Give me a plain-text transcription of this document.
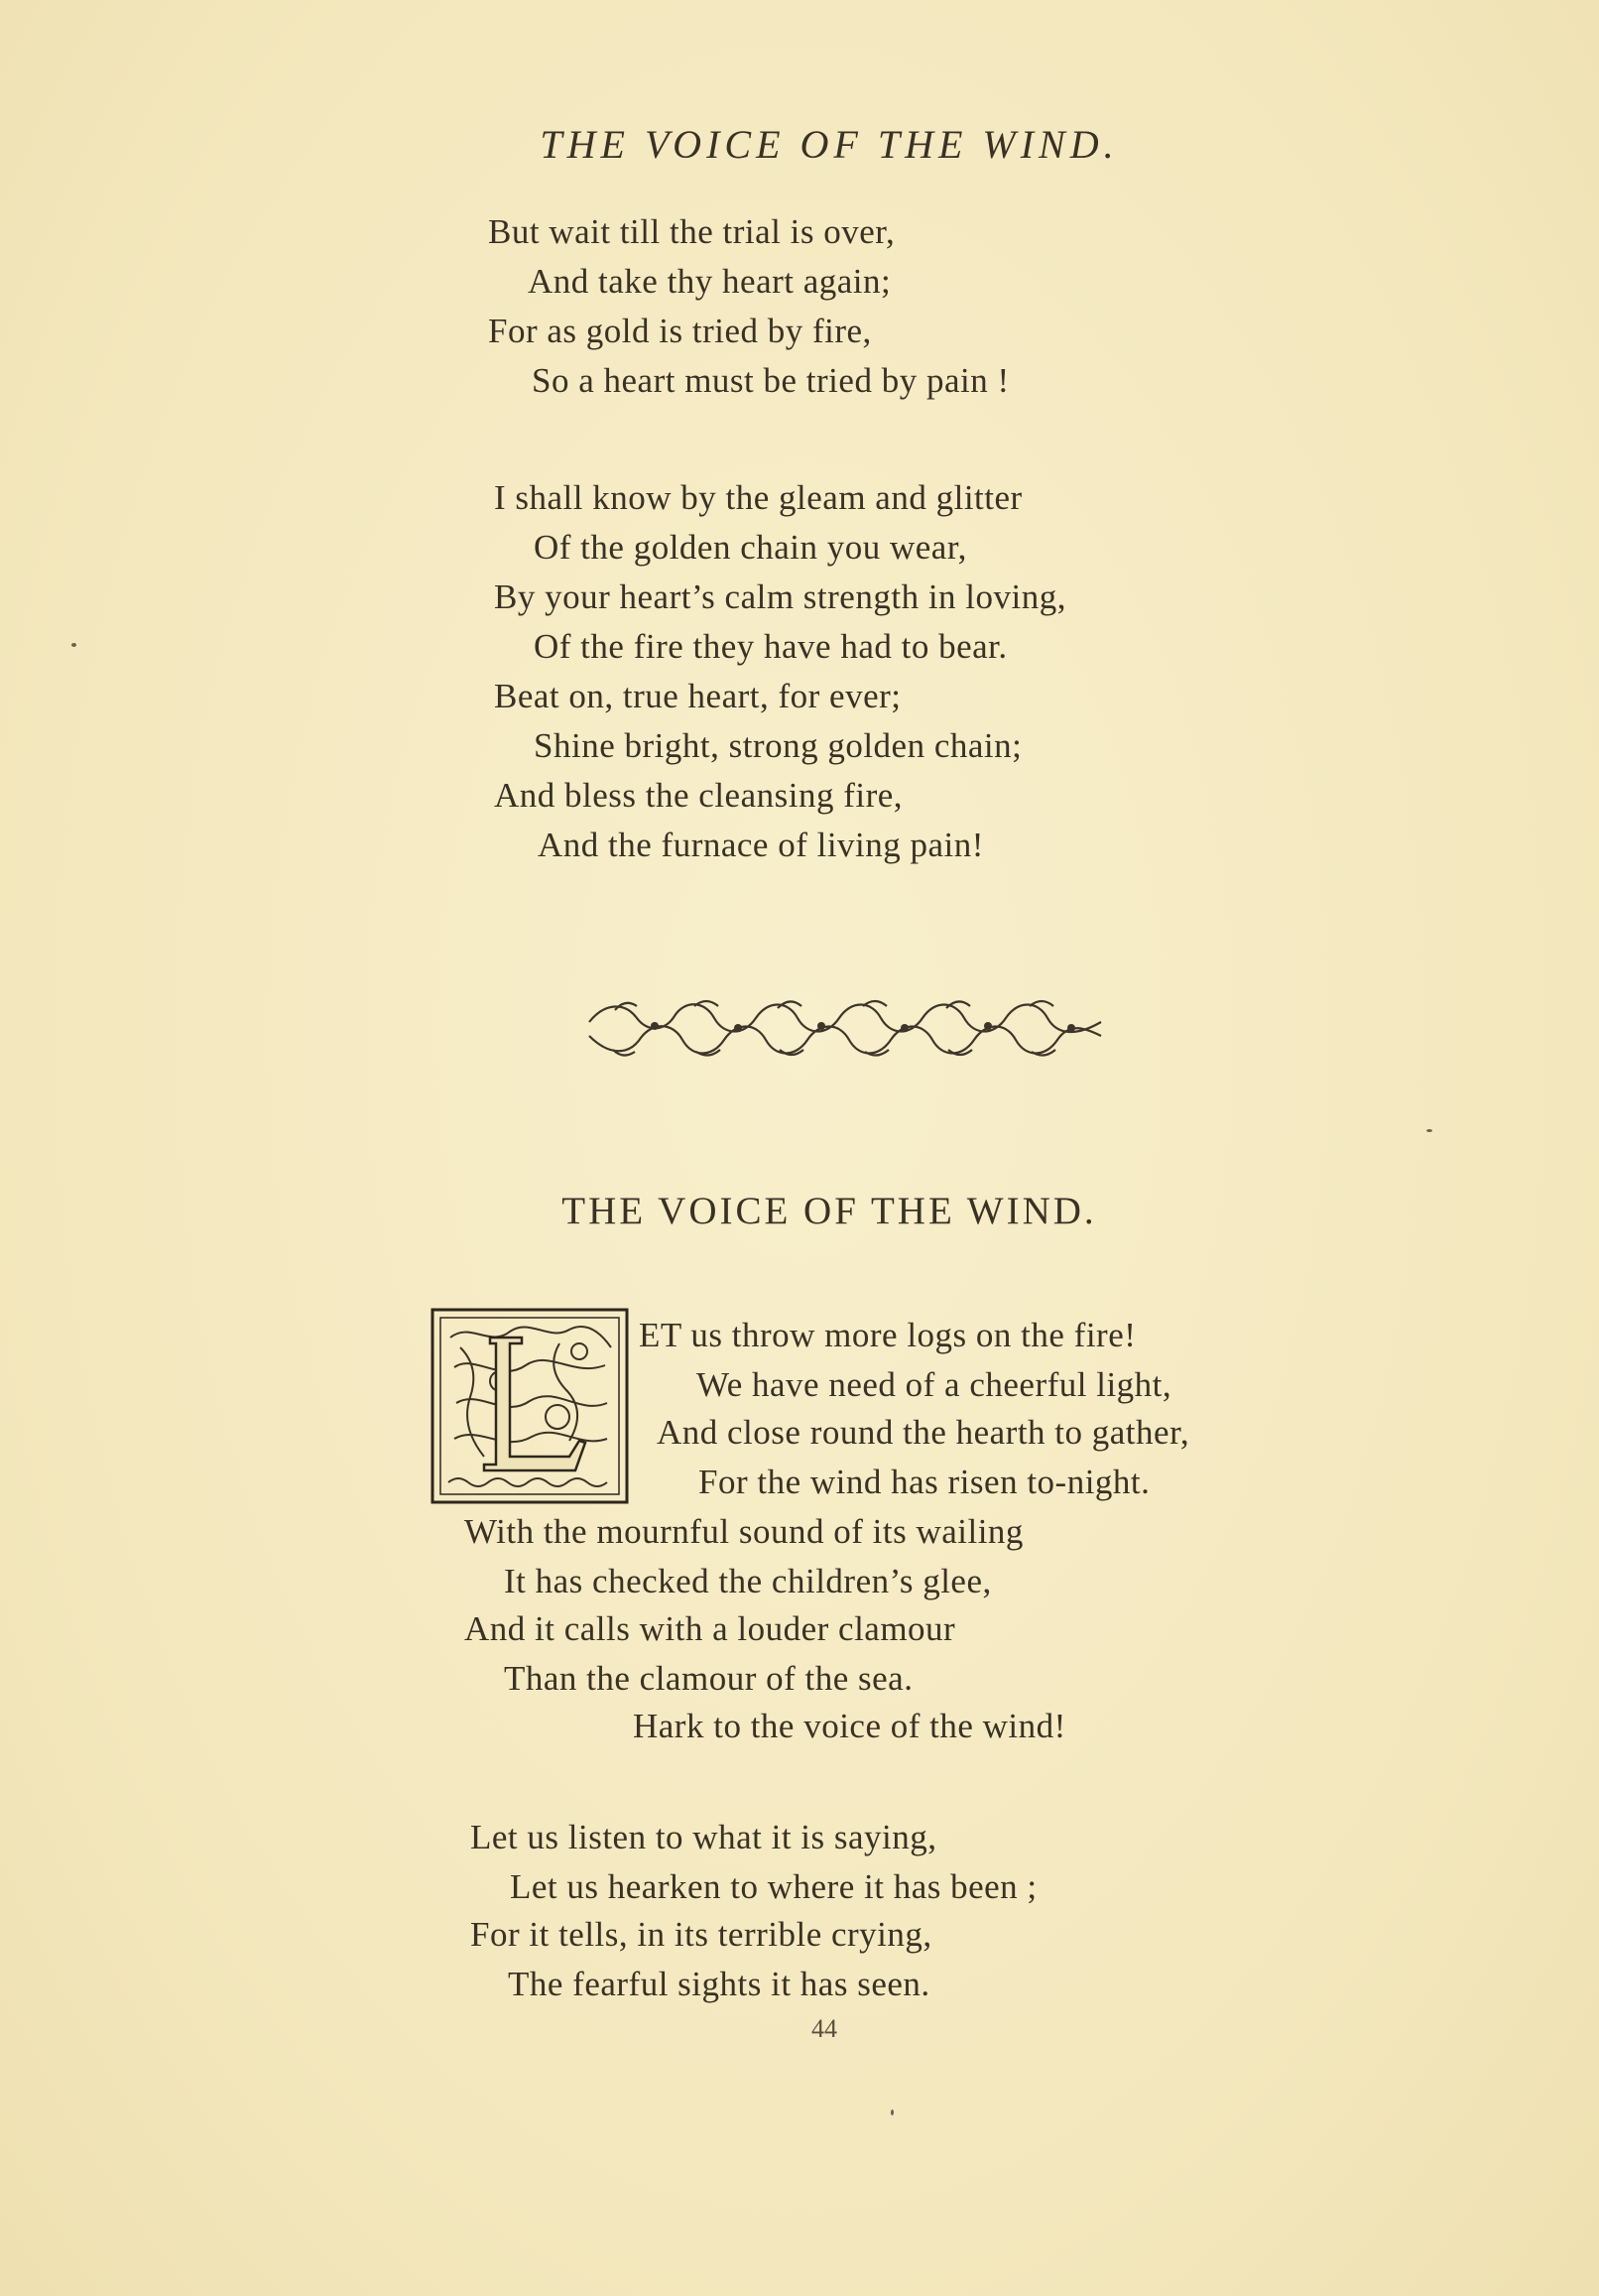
THE VOICE OF THE WIND.
But wait till the trial is over,
And take thy heart again;
For as gold is tried by fire,
So a heart must be tried by pain !
I shall know by the gleam and glitter
Of the golden chain you wear,
By your heart’s calm strength in loving,
Of the fire they have had to bear.
Beat on, true heart, for ever;
Shine bright, strong golden chain;
And bless the cleansing fire,
And the furnace of living pain!
THE VOICE OF THE WIND.
L
ET us throw more logs on the fire!
We have need of a cheerful light,
And close round the hearth to gather,
For the wind has risen to-night.
With the mournful sound of its wailing
It has checked the children’s glee,
And it calls with a louder clamour
Than the clamour of the sea.
Hark to the voice of the wind!
Let us listen to what it is saying,
Let us hearken to where it has been ;
For it tells, in its terrible crying,
The fearful sights it has seen.
44
